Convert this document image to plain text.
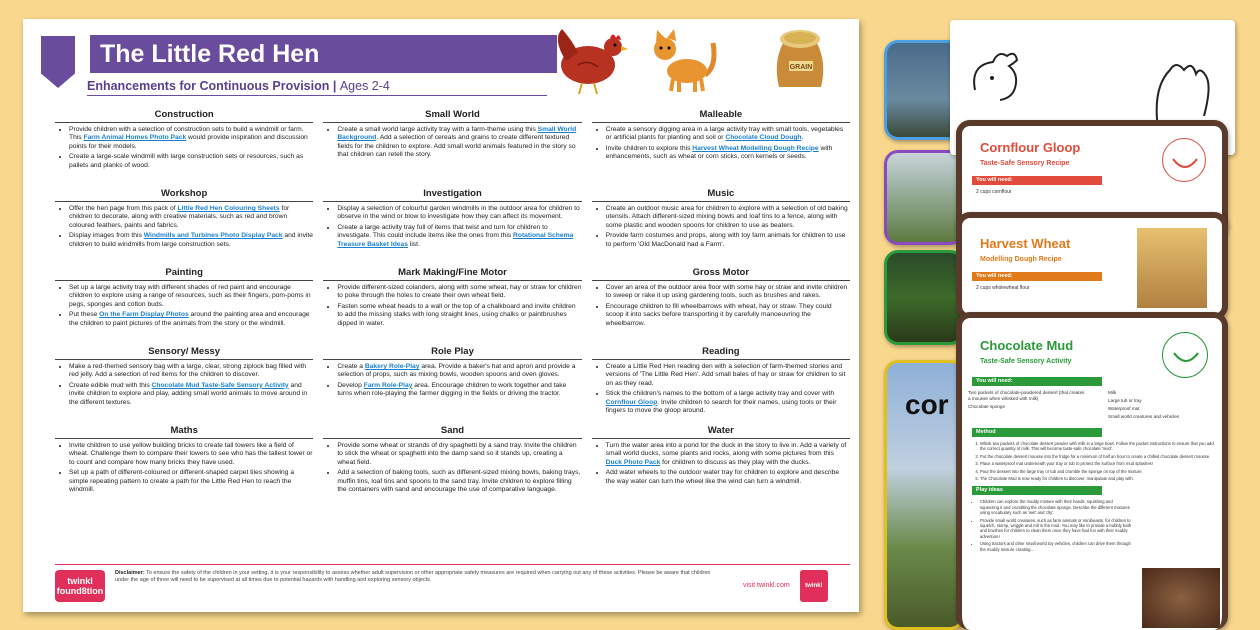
The Little Red Hen
Enhancements for Continuous Provision | Ages 2-4
GRAIN
Construction
• Provide children with a selection of construction sets to build a windmill or farm. This Farm Animal Homes Photo Pack would provide inspiration and discussion points for their models.
• Create a large-scale windmill with large construction sets or resources, such as pallets and planks of wood.
Small World
• Create a small world large activity tray with a farm-theme using this Small World Background. Add a selection of cereals and grains to create different textured fields for the children to explore. Add small world animals featured in the story so that children can retell the story.
Malleable
• Create a sensory digging area in a large activity tray with small tools, vegetables or artificial plants for planting and soil or Chocolate Cloud Dough.
• Invite children to explore this Harvest Wheat Modelling Dough Recipe with enhancements, such as wheat or corn sticks, corn kernels or seeds.
Workshop
• Offer the hen page from this pack of Little Red Hen Colouring Sheets for children to decorate, along with creative materials, such as red and brown coloured feathers, paints and fabrics.
• Display images from this Windmills and Turbines Photo Display Pack and invite children to build windmills from large construction sets.
Investigation
• Display a selection of colourful garden windmills in the outdoor area for children to observe in the wind or blow to investigate how they can affect its movement.
• Create a large activity tray full of items that twist and turn for children to investigate. This could include items like the ones from this Rotational Schema Treasure Basket Ideas list.
Music
• Create an outdoor music area for children to explore with a selection of old baking utensils. Attach different-sized mixing bowls and loaf tins to a fence, along with some plastic and wooden spoons for children to use as beaters.
• Provide farm costumes and props, along with toy farm animals for children to use to perform 'Old MacDonald had a Farm'.
Painting
• Set up a large activity tray with different shades of red paint and encourage children to explore using a range of resources, such as their fingers, pom-poms in pegs, sponges and cotton buds.
• Put these On the Farm Display Photos around the painting area and encourage the children to paint pictures of the animals from the story or the windmill.
Mark Making/Fine Motor
• Provide different-sized colanders, along with some wheat, hay or straw for children to poke through the holes to create their own wheat field.
• Fasten some wheat heads to a wall or the top of a chalkboard and invite children to add the missing stalks with long straight lines, using chalks or paintbrushes dipped in water.
Gross Motor
• Cover an area of the outdoor area floor with some hay or straw and invite children to sweep or rake it up using gardening tools, such as brushes and rakes.
• Encourage children to fill wheelbarrows with wheat, hay or straw. They could scoop it into sacks before transporting it by carefully manoeuvring the wheelbarrow.
Sensory/ Messy
• Make a red-themed sensory bag with a large, clear, strong ziplock bag filled with red jelly. Add a selection of red items for the children to discover.
• Create edible mud with this Chocolate Mud Taste-Safe Sensory Activity and invite children to explore and play, adding small world animals to move around in the different textures.
Role Play
• Create a Bakery Role-Play area. Provide a baker's hat and apron and provide a selection of props, such as mixing bowls, wooden spoons and oven gloves.
• Develop Farm Role-Play area. Encourage children to work together and take turns when role-playing the farmer digging in the fields or driving the tractor.
Reading
• Create a Little Red Hen reading den with a selection of farm-themed stories and versions of 'The Little Red Hen'. Add small bales of hay or straw for children to sit on as they read.
• Stick the children's names to the bottom of a large activity tray and cover with Cornflour Gloop. Invite children to search for their names, using tools or their fingers to move the gloop around.
Maths
• Invite children to use yellow building bricks to create tall towers like a field of wheat. Challenge them to compare their towers to see who has the tallest tower or to count and compare how many bricks they have used.
• Set up a path of different-coloured or different-shaped carpet tiles showing a simple repeating pattern to create a path for the Little Red Hen to reach the windmill.
Sand
• Provide some wheat or strands of dry spaghetti by a sand tray. Invite the children to stick the wheat or spaghetti into the damp sand so it stands up, creating a wheat field.
• Add a selection of baking tools, such as different-sized mixing bowls, baking trays, muffin tins, loaf tins and spoons to the sand tray. Invite children to explore filling the containers with sand and encourage the use of comparative language.
Water
• Turn the water area into a pond for the duck in the story to live in. Add a variety of small world ducks, some plants and rocks, along with some pictures from this Duck Photo Pack for children to discuss as they play with the ducks.
• Add water wheels to the outdoor water tray for children to explore and describe the way water can turn the wheel like the wind can turn a windmill.
twinkl
found8tion
Disclaimer: To ensure the safety of the children in your setting, it is your responsibility to assess whether adult supervision or other appropriate safety measures are required when carrying out any of these activities. Please be aware that children under the age of three will need to be supervised at all times due to potential hazards with handling and exploring sensory objects.
visit twinkl.com	twinkl
cor
Cornflour Gloop
Taste-Safe Sensory Recipe
You will need:
2 cups cornflour
Harvest Wheat
Modelling Dough Recipe
You will need:
2 cups wholewheat flour
Chocolate Mud
Taste-Safe Sensory Activity
You will need:
Two packets of chocolate-powdered dessert (that creates a mousse when whisked with milk)
Chocolate sponge
Milk
Large tub or tray
Waterproof mat
Small world creatures and vehicles
Method
1. Whisk two packets of chocolate dessert powder with milk in a large bowl. Follow the packet instructions to ensure that you add the correct quantity of milk. This will become taste-safe chocolate 'mud'.
2. Put the chocolate dessert mousse into the fridge for a minimum of half an hour to create a chilled chocolate dessert mousse.
3. Place a waterproof mat underneath your tray or tub to protect the surface from mud splashes!
4. Pour the dessert into the large tray or tub and crumble the sponge on top of the mixture.
5. The Chocolate Mud is now ready for children to discover, manipulate and play with.
Play ideas
• Children can explore the muddy mixture with their hands, squishing and squeezing it and crumbling the chocolate sponge. Describe the different mixtures using vocabulary such as 'wet' and 'dry'.
• Provide small world creatures, such as farm animals or minibeasts, for children to squelch, stomp, wriggle and roll in the mud. You may like to provide a bubbly bath and brushes for children to clean them once they have had fun with their muddy adventure!
• Using tractors and other small world toy vehicles, children can drive them through the muddy mixture creating...
